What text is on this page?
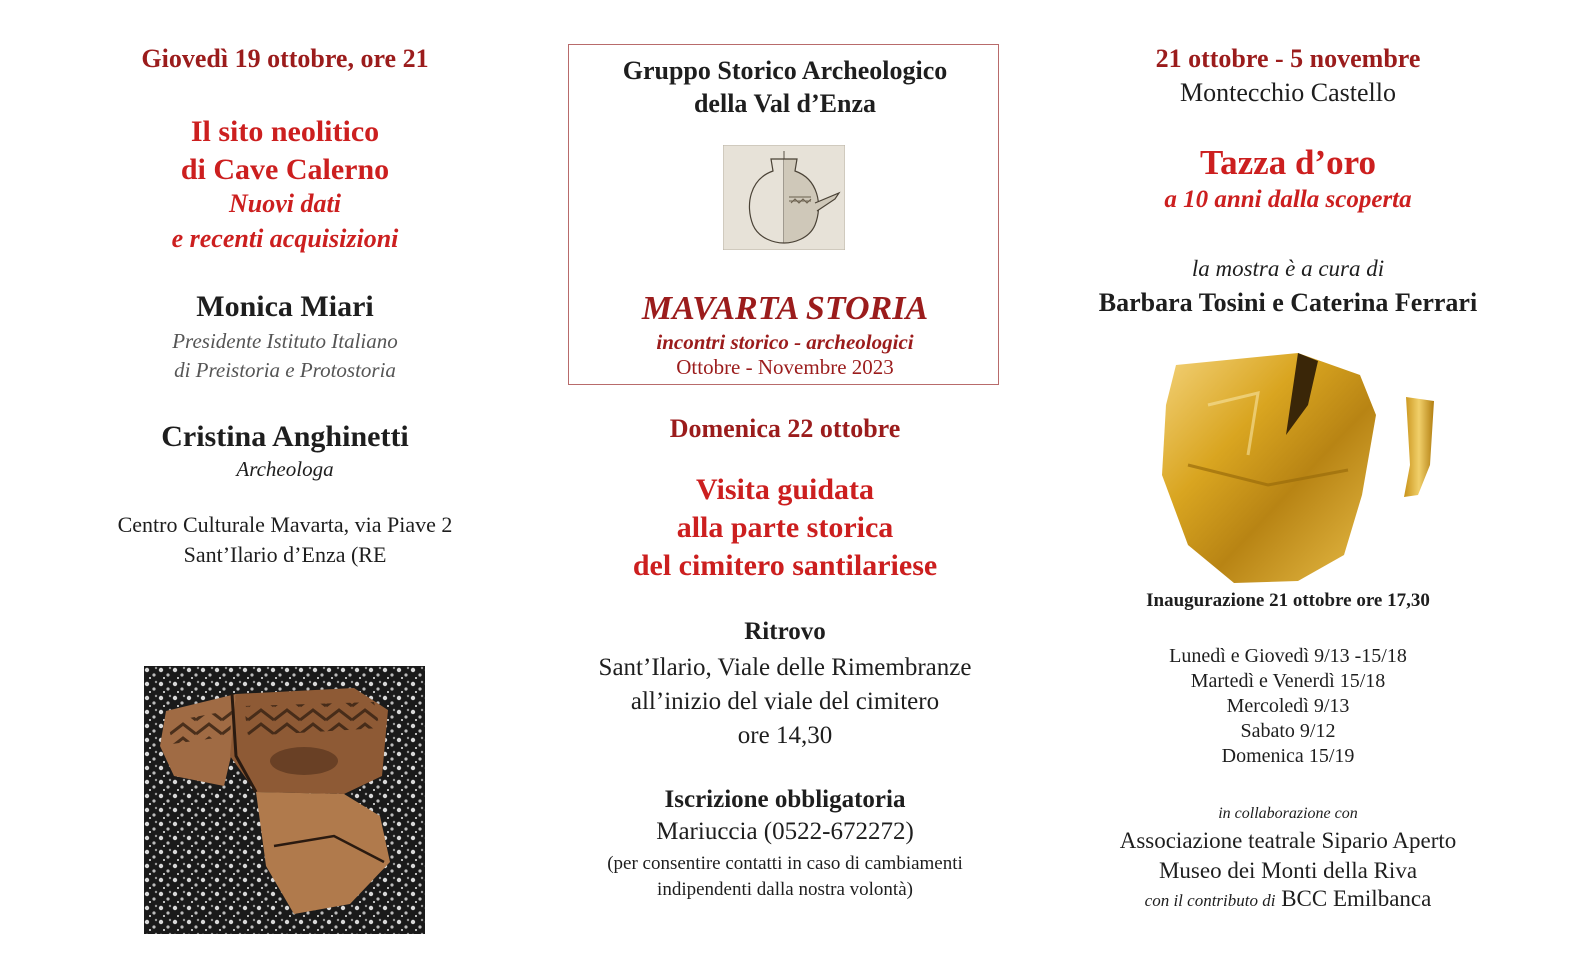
Giovedì 19 ottobre, ore 21
Il sito neolitico
di Cave Calerno
Nuovi dati
e recenti acquisizioni
Monica Miari
Presidente Istituto Italiano
di Preistoria e Protostoria
Cristina Anghinetti
Archeologa
Centro Culturale Mavarta, via Piave 2
Sant’Ilario d’Enza (RE
Gruppo Storico Archeologico
della Val d’Enza
MAVARTA STORIA
incontri storico - archeologici
Ottobre - Novembre 2023
Domenica 22 ottobre
Visita guidata
alla parte storica
del cimitero santilariese
Ritrovo
Sant’Ilario, Viale delle Rimembranze
all’inizio del viale del cimitero
ore 14,30
Iscrizione obbligatoria
Mariuccia (0522-672272)
(per consentire contatti in caso di cambiamenti
indipendenti dalla nostra volontà)
21 ottobre - 5 novembre
Montecchio Castello
Tazza d’oro
a 10 anni dalla scoperta
la mostra è a cura di
Barbara Tosini e Caterina Ferrari
Inaugurazione 21 ottobre ore 17,30
Lunedì e Giovedì 9/13 -15/18
Martedì e Venerdì 15/18
Mercoledì 9/13
Sabato 9/12
Domenica 15/19
in collaborazione con
Associazione teatrale Sipario Aperto
Museo dei Monti della Riva
con il contributo di BCC Emilbanca
